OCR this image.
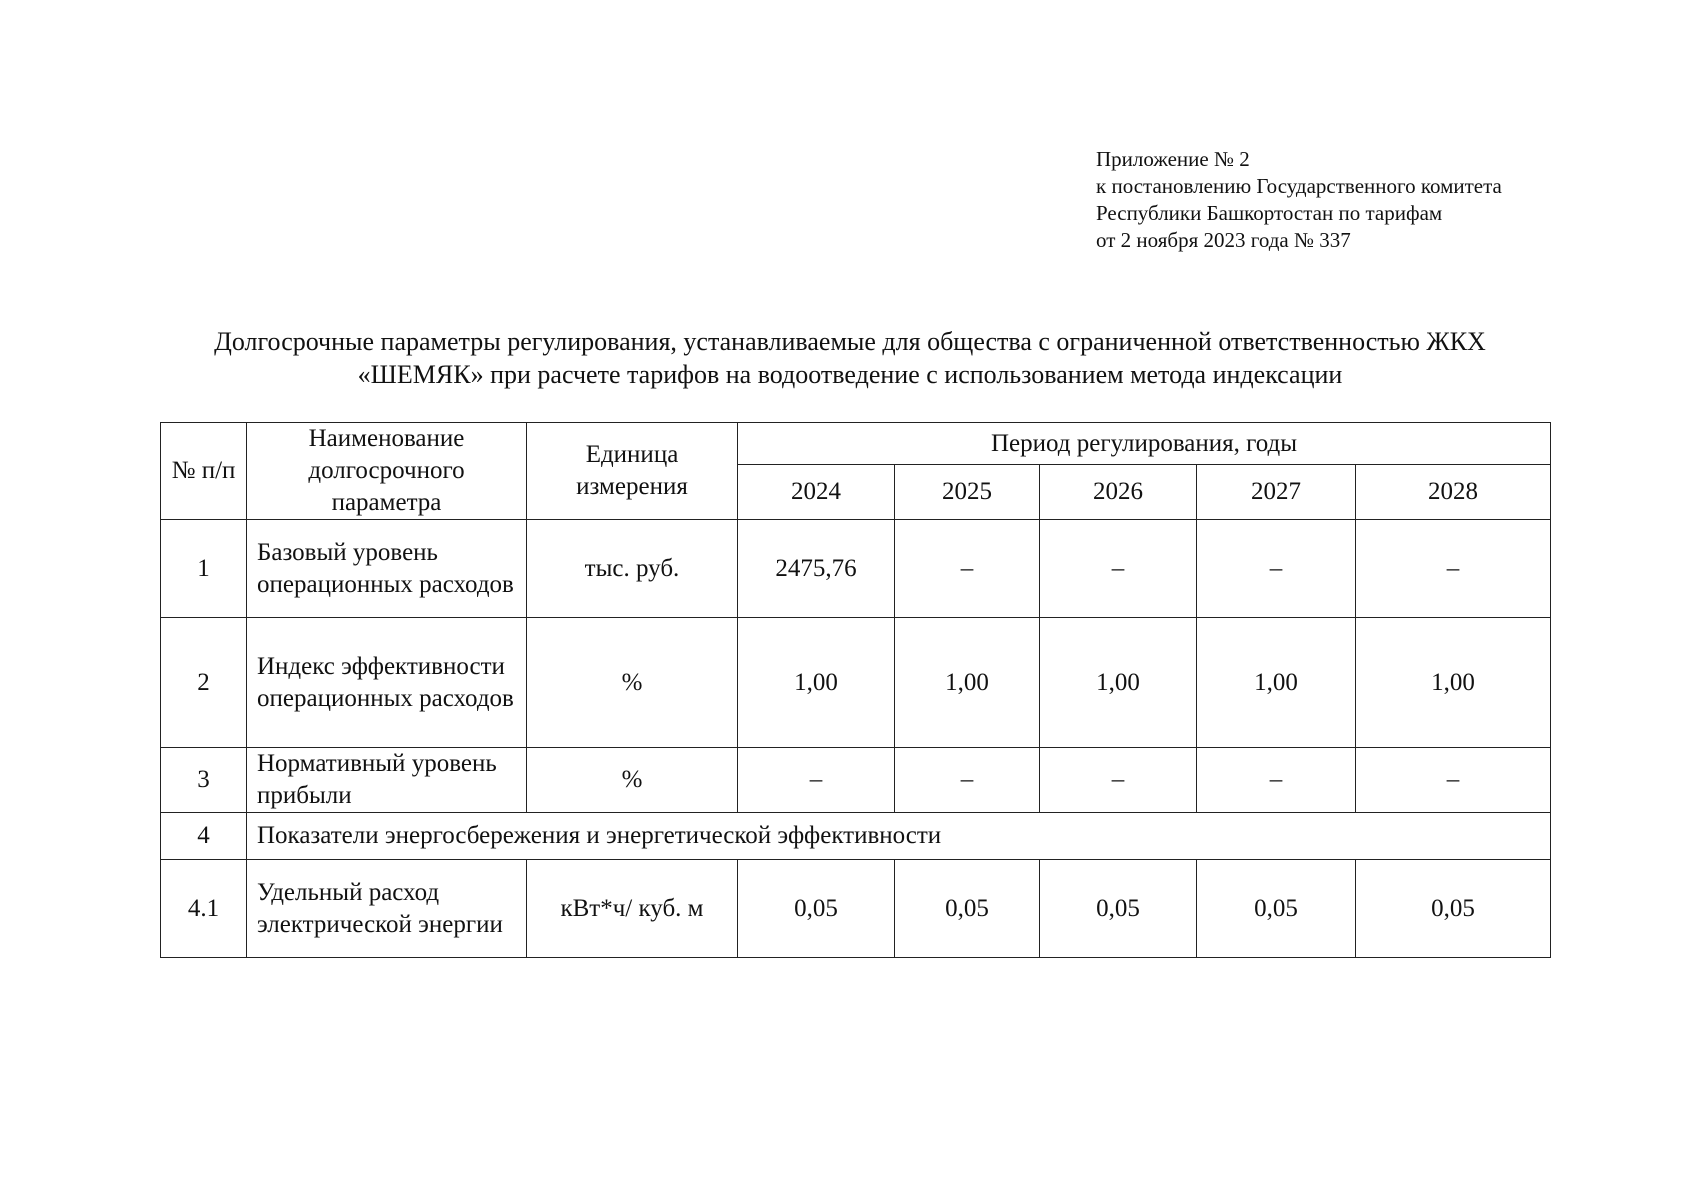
Приложение № 2
к постановлению Государственного комитета
Республики Башкортостан по тарифам
от 2 ноября 2023 года № 337
Долгосрочные параметры регулирования, устанавливаемые для общества с ограниченной ответственностью ЖКХ
«ШЕМЯК» при расчете тарифов на водоотведение с использованием метода индексации
№ п/п	Наименование долгосрочного параметра	Единица измерения	Период регулирования, годы				
			2024	2025	2026	2027	2028
1	Базовый уровень операционных расходов	тыс. руб.	2475,76	–	–	–	–
2	Индекс эффективности операционных расходов	%	1,00	1,00	1,00	1,00	1,00
3	Нормативный уровень прибыли	%	–	–	–	–	–
4	Показатели энергосбережения и энергетической эффективности						
4.1	Удельный расход электрической энергии	кВт*ч/ куб. м	0,05	0,05	0,05	0,05	0,05
